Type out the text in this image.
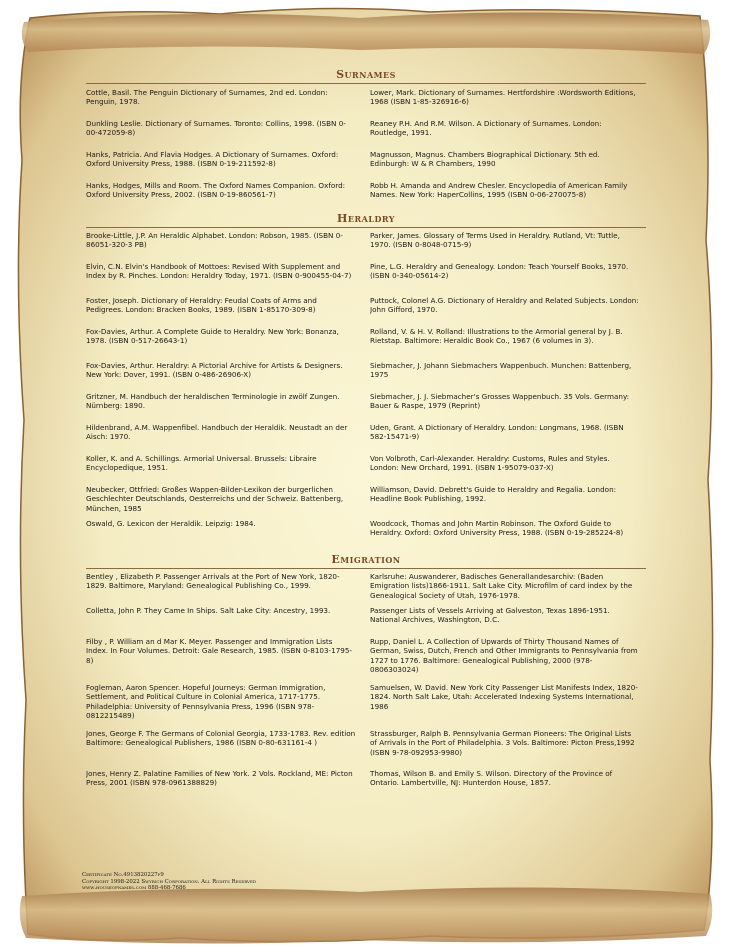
Surnames
Cottle, Basil. The Penguin Dictionary of Surnames, 2nd ed. London: Penguin, 1978.
Lower, Mark. Dictionary of Surnames. Hertfordshire :Wordsworth Editions, 1968 (ISBN 1-85-326916-6)
Dunkling Leslie. Dictionary of Surnames. Toronto: Collins, 1998. (ISBN 0-00-472059-8)
Reaney P.H. And R.M. Wilson. A Dictionary of Surnames. London: Routledge, 1991.
Hanks, Patricia. And Flavia Hodges. A Dictionary of Surnames. Oxford: Oxford University Press, 1988. (ISBN 0-19-211592-8)
Magnusson, Magnus. Chambers Biographical Dictionary. 5th ed. Edinburgh: W & R Chambers, 1990
Hanks, Hodges, Mills and Room. The Oxford Names Companion. Oxford: Oxford University Press, 2002. (ISBN 0-19-860561-7)
Robb H. Amanda and Andrew Chesler. Encyclopedia of American Family Names. New York: HaperCollins, 1995 (ISBN 0-06-270075-8)
Heraldry
Brooke-Little, J.P. An Heraldic Alphabet. London: Robson, 1985. (ISBN 0-86051-320-3 PB)
Parker, James. Glossary of Terms Used in Heraldry. Rutland, Vt: Tuttle, 1970. (ISBN 0-8048-0715-9)
Elvin, C.N. Elvin's Handbook of Mottoes: Revised With Supplement and Index by R. Pinches. London: Heraldry Today, 1971. (ISBN 0-900455-04-7)
Pine, L.G. Heraldry and Genealogy. London: Teach Yourself Books, 1970. (ISBN 0-340-05614-2)
Foster, Joseph. Dictionary of Heraldry: Feudal Coats of Arms and Pedigrees. London: Bracken Books, 1989. (ISBN 1-85170-309-8)
Puttock, Colonel A.G. Dictionary of Heraldry and Related Subjects. London: John Gifford, 1970.
Fox-Davies, Arthur. A Complete Guide to Heraldry. New York: Bonanza, 1978. (ISBN 0-517-26643-1)
Rolland, V. & H. V. Rolland: Illustrations to the Armorial general by J. B. Rietstap. Baltimore: Heraldic Book Co., 1967 (6 volumes in 3).
Fox-Davies, Arthur. Heraldry: A Pictorial Archive for Artists & Designers. New York: Dover, 1991. (ISBN 0-486-26906-X)
Siebmacher, J. Johann Siebmachers Wappenbuch. Munchen: Battenberg, 1975
Gritzner, M. Handbuch der heraldischen Terminologie in zwölf Zungen. Nürnberg: 1890.
Siebmacher, J. J. Siebmacher's Grosses Wappenbuch. 35 Vols. Germany: Bauer & Raspe, 1979 (Reprint)
Hildenbrand, A.M. Wappenfibel. Handbuch der Heraldik. Neustadt an der Aisch: 1970.
Uden, Grant. A Dictionary of Heraldry. London: Longmans, 1968. (ISBN 582-15471-9)
Koller, K. and A. Schillings. Armorial Universal. Brussels: Libraire Encyclopedique, 1951.
Von Volbroth, Carl-Alexander. Heraldry: Customs, Rules and Styles. London: New Orchard, 1991. (ISBN 1-95079-037-X)
Neubecker, Ottfried: Großes Wappen-Bilder-Lexikon der burgerlichen Geschlechter Deutschlands, Oesterreichs und der Schweiz. Battenberg, München, 1985
Williamson, David. Debrett's Guide to Heraldry and Regalia. London: Headline Book Publishing, 1992.
Oswald, G. Lexicon der Heraldik. Leipzig: 1984.	Woodcock, Thomas and John Martin Robinson. The Oxford Guide to Heraldry. Oxford: Oxford University Press, 1988. (ISBN 0-19-285224-8)
Emigration
Bentley , Elizabeth P. Passenger Arrivals at the Port of New York, 1820-1829. Baltimore, Maryland: Genealogical Publishing Co., 1999.
Karlsruhe: Auswanderer, Badisches Generallandesarchiv: (Baden Emigration lists)1866-1911. Salt Lake City. Microfilm of card index by the Genealogical Society of Utah, 1976-1978.
Colletta, John P. They Came In Ships. Salt Lake City: Ancestry, 1993.	Passenger Lists of Vessels Arriving at Galveston, Texas 1896-1951. National Archives, Washington, D.C.
Filby , P. William an d Mar K. Meyer. Passenger and Immigration Lists Index. In Four Volumes. Detroit: Gale Research, 1985. (ISBN 0-8103-1795-8)
Rupp, Daniel L. A Collection of Upwards of Thirty Thousand Names of German, Swiss, Dutch, French and Other Immigrants to Pennsylvania from 1727 to 1776. Baltimore: Genealogical Publishing, 2000 (978-0806303024)
Fogleman, Aaron Spencer. Hopeful Journeys: German Immigration, Settlement, and Political Culture in Colonial America, 1717-1775. Philadelphia: University of Pennsylvania Press, 1996 (ISBN 978-0812215489)
Samuelsen, W. David. New York City Passenger List Manifests Index, 1820-1824. North Salt Lake, Utah: Accelerated Indexing Systems International, 1986
Jones, George F. The Germans of Colonial Georgia, 1733-1783. Rev. edition Baltimore: Genealogical Publishers, 1986 (ISBN 0-80-631161-4 )
Strassburger, Ralph B. Pennsylvania German Pioneers: The Original Lists of Arrivals in the Port of Philadelphia. 3 Vols. Baltimore: Picton Press,1992 (ISBN 9-78-092953-9980)
Jones, Henry Z. Palatine Families of New York. 2 Vols. Rockland, ME: Picton Press, 2001 (ISBN 978-0961388829)
Thomas, Wilson B. and Emily S. Wilson. Directory of the Province of Ontario. Lambertville, NJ: Hunterdon House, 1857.
Certificate No.4913820227f9
Copyright 1998-2022 Swyrich Corporation. All Rights Reserved
www.houseofnames.com 888-468-7686
